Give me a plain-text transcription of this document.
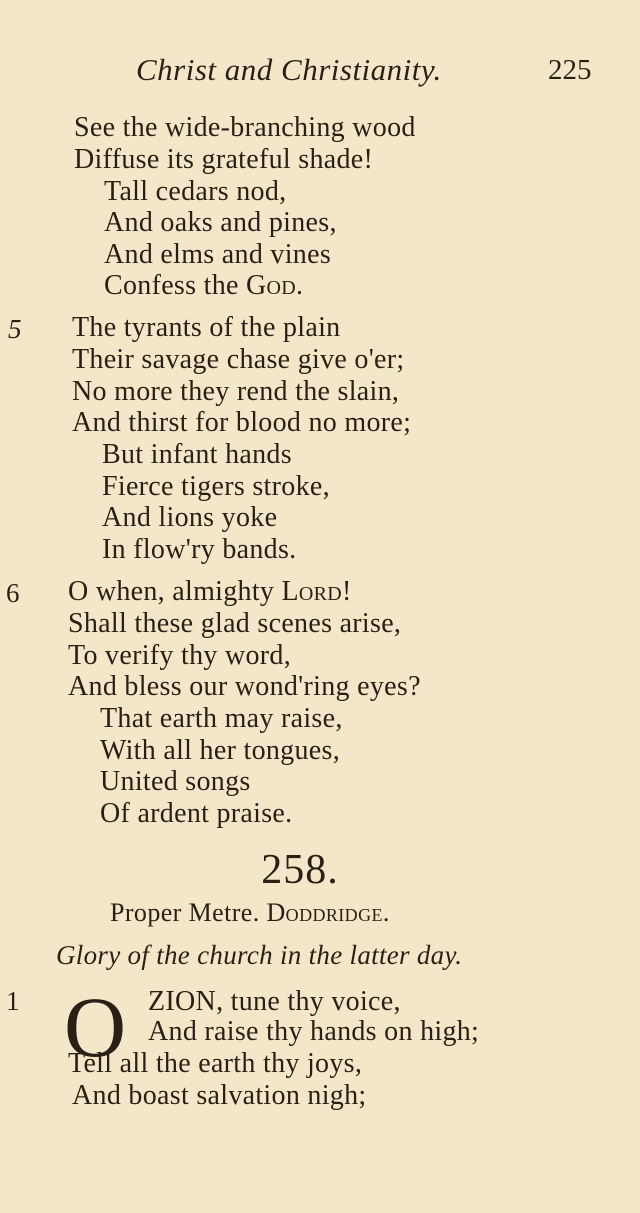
Christ and Christianity.	225
See the wide-branching wood
Diffuse its grateful shade!
Tall cedars nod,
And oaks and pines,
And elms and vines
Confess the God.
5 The tyrants of the plain
Their savage chase give o'er;
No more they rend the slain,
And thirst for blood no more;
But infant hands
Fierce tigers stroke,
And lions yoke
In flow'ry bands.
6 O when, almighty Lord!
Shall these glad scenes arise,
To verify thy word,
And bless our wond'ring eyes?
That earth may raise,
With all her tongues,
United songs
Of ardent praise.
258.
Proper Metre. Doddridge.
Glory of the church in the latter day.
1 O ZION, tune thy voice,
And raise thy hands on high;
Tell all the earth thy joys,
And boast salvation nigh;
